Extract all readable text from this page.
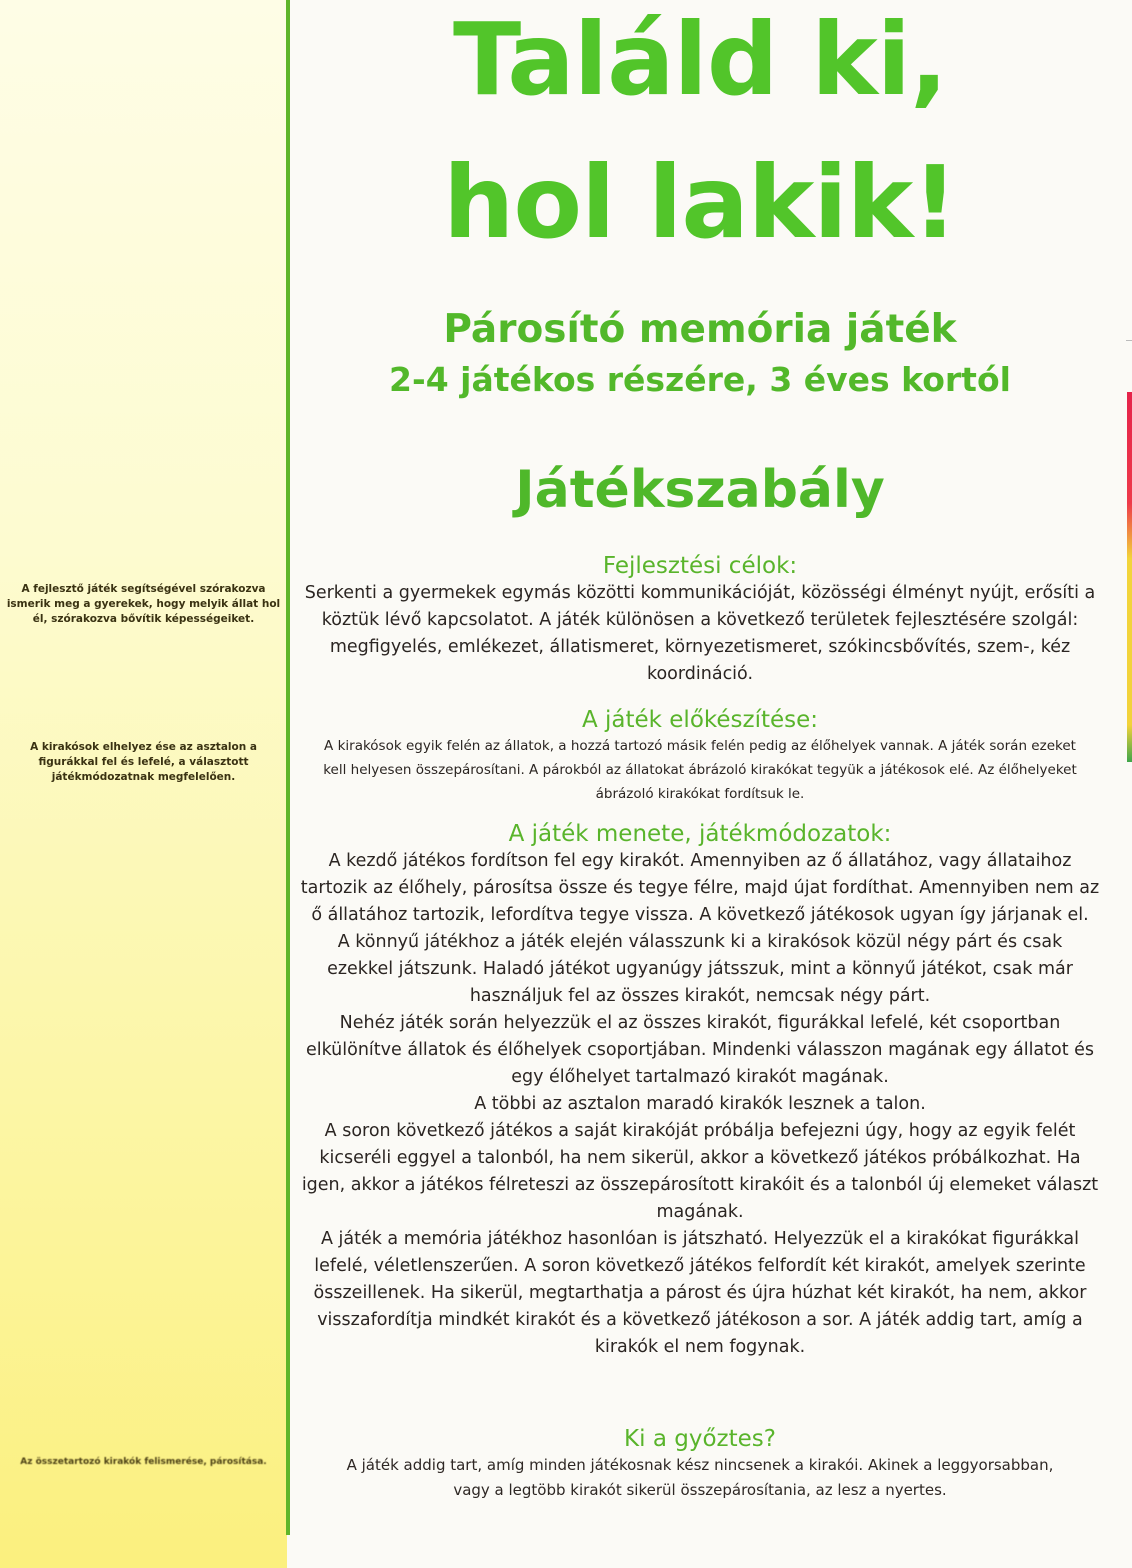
A fejlesztő játék segítségével szórakozva ismerik meg a gyerekek, hogy melyik állat hol él, szórakozva bővítik képességeiket.
A kirakósok elhelyez ése az asztalon a figurákkal fel és lefelé, a választott játékmódozatnak megfelelően.
Az összetartozó kirakók felismerése, párosítása.
Találd ki,
hol lakik!
Párosító memória játék
2-4 játékos részére, 3 éves kortól
Játékszabály
Fejlesztési célok:

Serkenti a gyermekek egymás közötti kommunikációját, közösségi élményt nyújt, erősíti a köztük lévő kapcsolatot. A játék különösen a következő területek fejlesztésére szolgál: megfigyelés, emlékezet, állatismeret, környezetismeret, szókincsbővítés, szem-, kéz koordináció.

A játék előkészítése:

A kirakósok egyik felén az állatok, a hozzá tartozó másik felén pedig az élőhelyek vannak. A játék során ezeket kell helyesen összepárosítani. A párokból az állatokat ábrázoló kirakókat tegyük a játékosok elé. Az élőhelyeket ábrázoló kirakókat fordítsuk le.

A játék menete, játékmódozatok:

A kezdő játékos fordítson fel egy kirakót. Amennyiben az ő állatához, vagy állataihoz tartozik az élőhely, párosítsa össze és tegye félre, majd újat fordíthat. Amennyiben nem az ő állatához tartozik, lefordítva tegye vissza. A következő játékosok ugyan így járjanak el.

A könnyű játékhoz a játék elején válasszunk ki a kirakósok közül négy párt és csak ezekkel játszunk. Haladó játékot ugyanúgy játsszuk, mint a könnyű játékot, csak már használjuk fel az összes kirakót, nemcsak négy párt.

Nehéz játék során helyezzük el az összes kirakót, figurákkal lefelé, két csoportban elkülönítve állatok és élőhelyek csoportjában. Mindenki válasszon magának egy állatot és egy élőhelyet tartalmazó kirakót magának.

A többi az asztalon maradó kirakók lesznek a talon.

A soron következő játékos a saját kirakóját próbálja befejezni úgy, hogy az egyik felét kicseréli eggyel a talonból, ha nem sikerül, akkor a következő játékos próbálkozhat. Ha igen, akkor a játékos félreteszi az összepárosított kirakóit és a talonból új elemeket választ magának.

A játék a memória játékhoz hasonlóan is játszható. Helyezzük el a kirakókat figurákkal lefelé, véletlenszerűen. A soron következő játékos felfordít két kirakót, amelyek szerinte összeillenek. Ha sikerül, megtarthatja a párost és újra húzhat két kirakót, ha nem, akkor visszafordítja mindkét kirakót és a következő játékoson a sor. A játék addig tart, amíg a kirakók el nem fogynak.

Ki a győztes?

A játék addig tart, amíg minden játékosnak kész nincsenek a kirakói. Akinek a leggyorsabban, vagy a legtöbb kirakót sikerül összepárosítania, az lesz a nyertes.
